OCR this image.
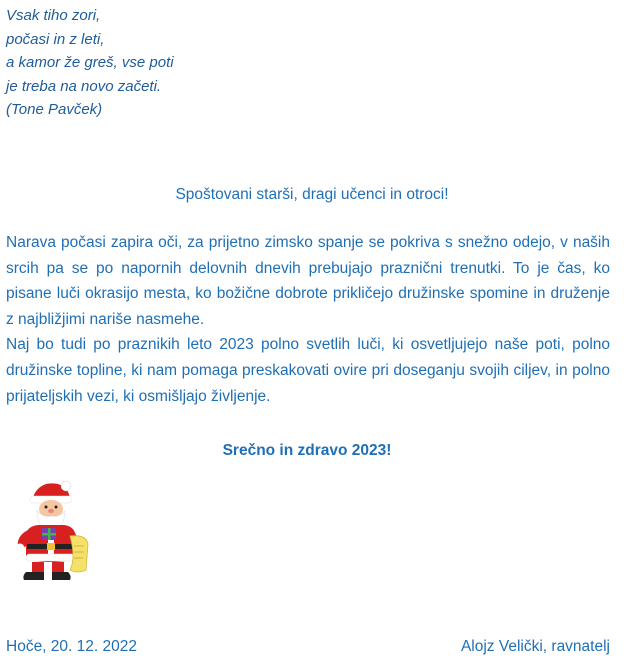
Vsak tiho zori,
počasi in z leti,
a kamor že greš, vse poti
je treba na novo začeti.
(Tone Pavček)
Spoštovani starši, dragi učenci in otroci!
Narava počasi zapira oči, za prijetno zimsko spanje se pokriva s snežno odejo, v naših srcih pa se po napornih delovnih dnevih prebujajo praznični trenutki. To je čas, ko pisane luči okrasijo mesta, ko božične dobrote prikličejo družinske spomine in druženje z najbližjimi nariše nasmehe.
Naj bo tudi po praznikih leto 2023 polno svetlih luči, ki osvetljujejo naše poti, polno družinske topline, ki nam pomaga preskakovati ovire pri doseganju svojih ciljev, in polno prijateljskih vezi, ki osmišljajo življenje.
Srečno in zdravo 2023!
Hoče, 20. 12. 2022	Alojz Velički, ravnatelj
